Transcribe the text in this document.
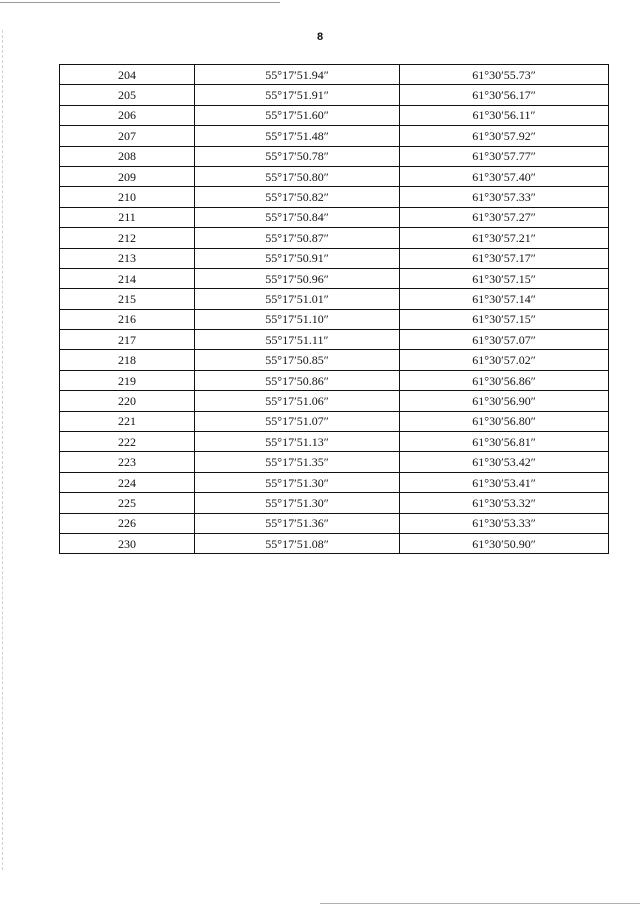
8
204	55°17′51.94″	61°30′55.73″
205	55°17′51.91″	61°30′56.17″
206	55°17′51.60″	61°30′56.11″
207	55°17′51.48″	61°30′57.92″
208	55°17′50.78″	61°30′57.77″
209	55°17′50.80″	61°30′57.40″
210	55°17′50.82″	61°30′57.33″
211	55°17′50.84″	61°30′57.27″
212	55°17′50.87″	61°30′57.21″
213	55°17′50.91″	61°30′57.17″
214	55°17′50.96″	61°30′57.15″
215	55°17′51.01″	61°30′57.14″
216	55°17′51.10″	61°30′57.15″
217	55°17′51.11″	61°30′57.07″
218	55°17′50.85″	61°30′57.02″
219	55°17′50.86″	61°30′56.86″
220	55°17′51.06″	61°30′56.90″
221	55°17′51.07″	61°30′56.80″
222	55°17′51.13″	61°30′56.81″
223	55°17′51.35″	61°30′53.42″
224	55°17′51.30″	61°30′53.41″
225	55°17′51.30″	61°30′53.32″
226	55°17′51.36″	61°30′53.33″
230	55°17′51.08″	61°30′50.90″
